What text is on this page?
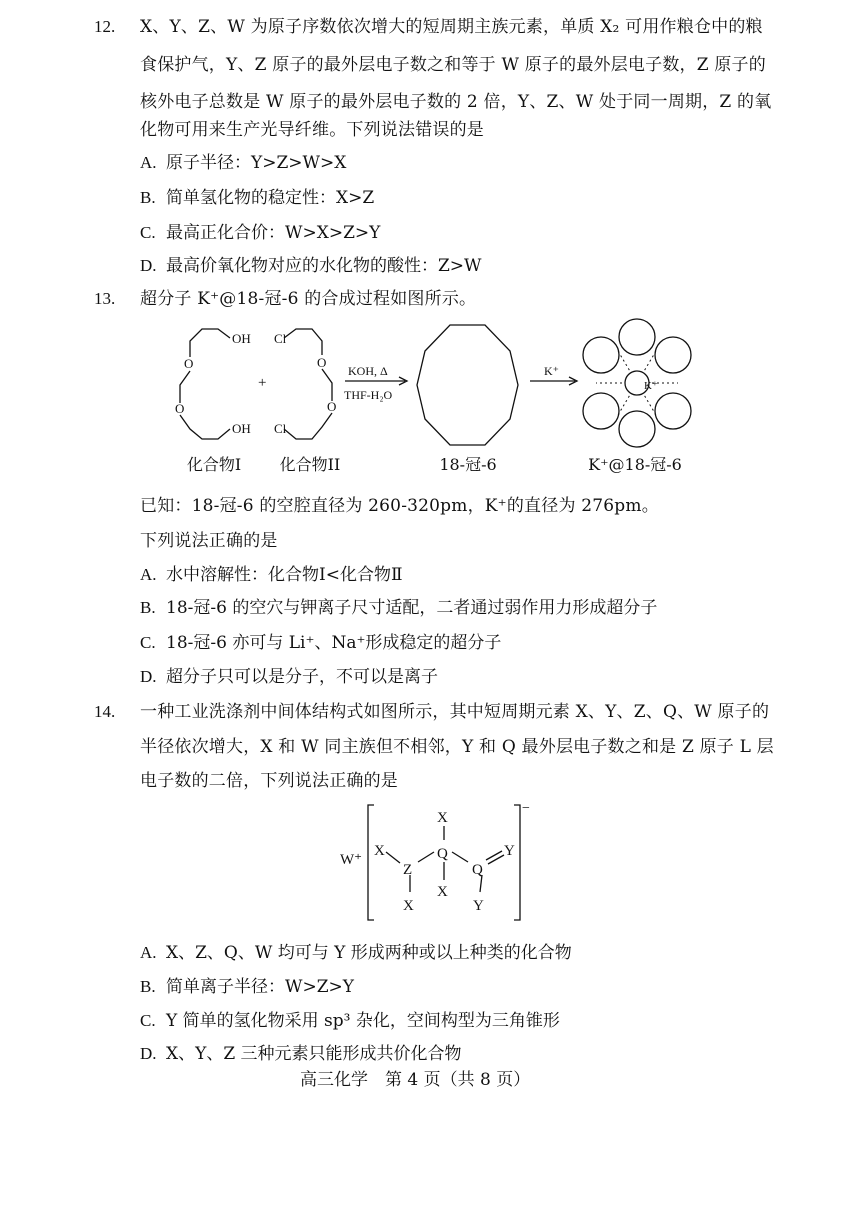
12. X、Y、Z、W 为原子序数依次增大的短周期主族元素，单质 X₂ 可用作粮仓中的粮
食保护气，Y、Z 原子的最外层电子数之和等于 W 原子的最外层电子数，Z 原子的
核外电子总数是 W 原子的最外层电子数的 2 倍，Y、Z、W 处于同一周期，Z 的氧
化物可用来生产光导纤维。下列说法错误的是
A. 原子半径：Y>Z>W>X
B. 简单氢化物的稳定性：X>Z
C. 最高正化合价：W>X>Z>Y
D. 最高价氧化物对应的水化物的酸性：Z>W
13. 超分子 K⁺@18-冠-6 的合成过程如图所示。
OH
O
O
OH
+
Cl
O
O
Cl
KOH, Δ
THF-H₂O
K⁺
K⁺
化合物I	化合物II	18-冠-6	K⁺@18-冠-6
已知：18-冠-6 的空腔直径为 260-320pm，K⁺的直径为 276pm。
下列说法正确的是
A. 水中溶解性：化合物Ⅰ<化合物Ⅱ
B. 18-冠-6 的空穴与钾离子尺寸适配，二者通过弱作用力形成超分子
C. 18-冠-6 亦可与 Li⁺、Na⁺形成稳定的超分子
D. 超分子只可以是分子，不可以是离子
14. 一种工业洗涤剂中间体结构式如图所示，其中短周期元素 X、Y、Z、Q、W 原子的
半径依次增大，X 和 W 同主族但不相邻，Y 和 Q 最外层电子数之和是 Z 原子 L 层
电子数的二倍，下列说法正确的是
W⁺
−
X
X	Q
Z	Q
Y
X
X	Y
A. X、Z、Q、W 均可与 Y 形成两种或以上种类的化合物
B. 简单离子半径：W>Z>Y
C. Y 简单的氢化物采用 sp³ 杂化，空间构型为三角锥形
D. X、Y、Z 三种元素只能形成共价化合物
高三化学　第 4 页（共 8 页）
